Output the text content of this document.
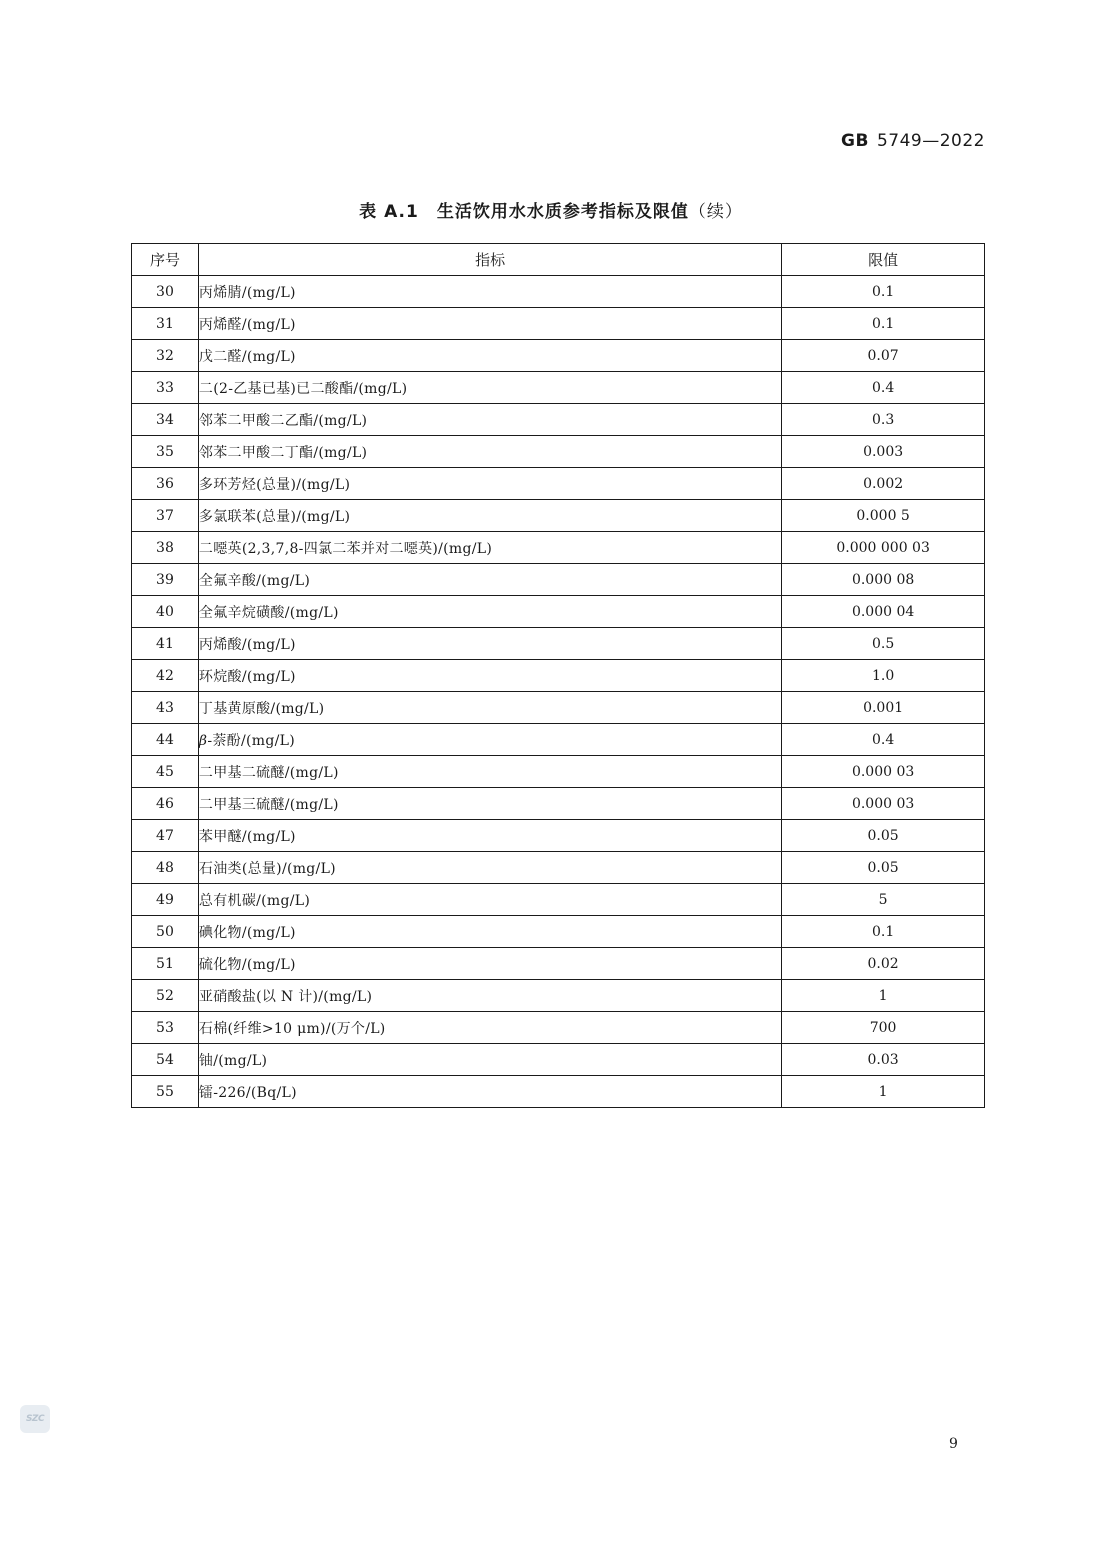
GB 5749—2022
表 A.1　生活饮用水水质参考指标及限值（续）
序号	指标	限值
30	丙烯腈/(mg/L)	0.1
31	丙烯醛/(mg/L)	0.1
32	戊二醛/(mg/L)	0.07
33	二(2-乙基已基)已二酸酯/(mg/L)	0.4
34	邻苯二甲酸二乙酯/(mg/L)	0.3
35	邻苯二甲酸二丁酯/(mg/L)	0.003
36	多环芳烃(总量)/(mg/L)	0.002
37	多氯联苯(总量)/(mg/L)	0.000 5
38	二噁英(2,3,7,8-四氯二苯并对二噁英)/(mg/L)	0.000 000 03
39	全氟辛酸/(mg/L)	0.000 08
40	全氟辛烷磺酸/(mg/L)	0.000 04
41	丙烯酸/(mg/L)	0.5
42	环烷酸/(mg/L)	1.0
43	丁基黄原酸/(mg/L)	0.001
44	β-萘酚/(mg/L)	0.4
45	二甲基二硫醚/(mg/L)	0.000 03
46	二甲基三硫醚/(mg/L)	0.000 03
47	苯甲醚/(mg/L)	0.05
48	石油类(总量)/(mg/L)	0.05
49	总有机碳/(mg/L)	5
50	碘化物/(mg/L)	0.1
51	硫化物/(mg/L)	0.02
52	亚硝酸盐(以 N 计)/(mg/L)	1
53	石棉(纤维>10 μm)/(万个/L)	700
54	铀/(mg/L)	0.03
55	镭-226/(Bq/L)	1
SZC
9
